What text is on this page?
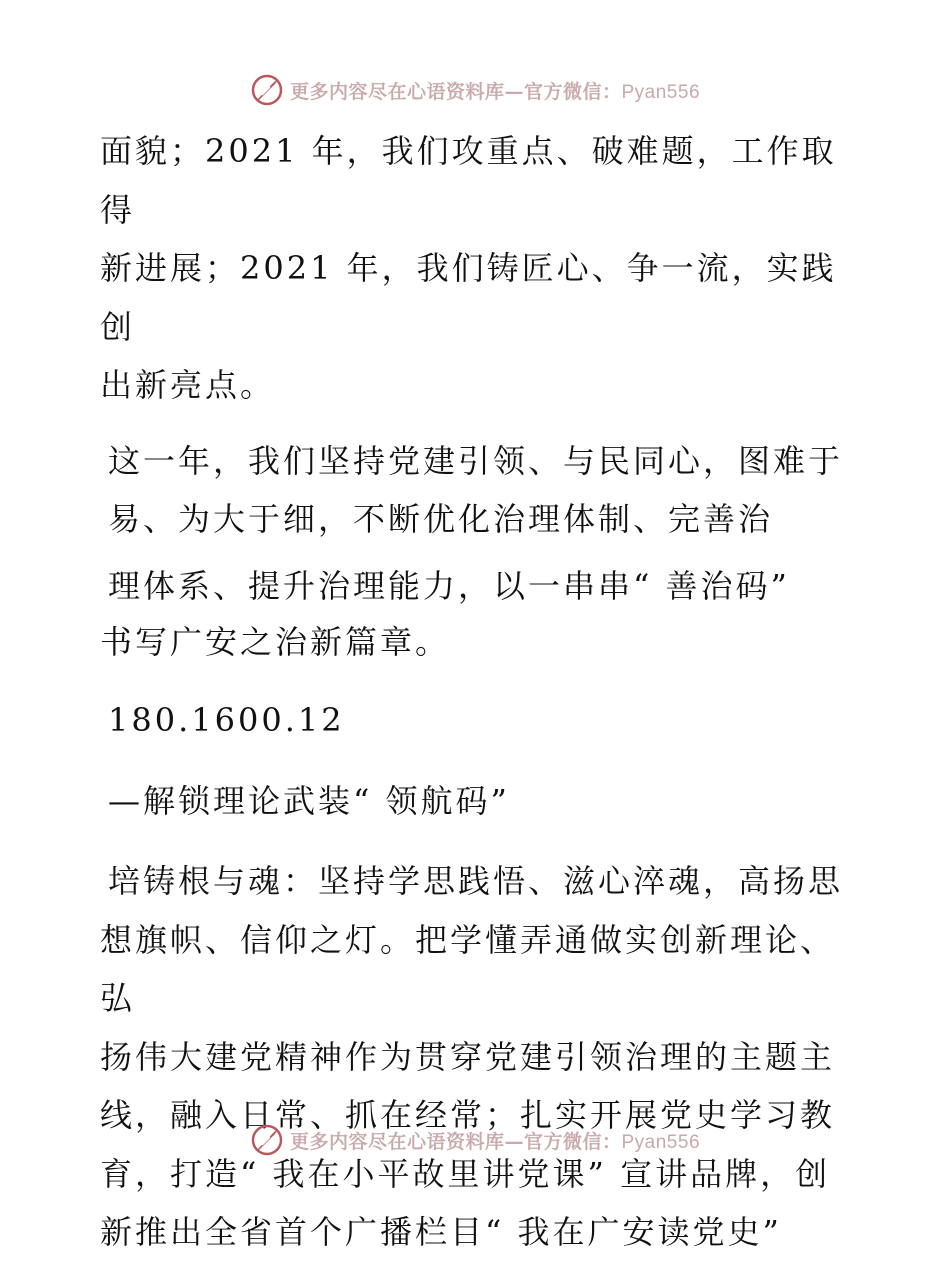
更多内容尽在心语资料库—官方微信：Pyan556

面貌；2021 年，我们攻重点、破难题，工作取得
新进展；2021 年，我们铸匠心、争一流，实践创
出新亮点。

这一年，我们坚持党建引领、与民同心，图难于
易、为大于细，不断优化治理体制、完善治

理体系、提升治理能力，以一串串“ 善治码”

书写广安之治新篇章。

180.1600.12

—解锁理论武装“ 领航码”

培铸根与魂：坚持学思践悟、滋心淬魂，高扬思

想旗帜、信仰之灯。把学懂弄通做实创新理论、弘
扬伟大建党精神作为贯穿党建引领治理的主题主
线，融入日常、抓在经常；扎实开展党史学习教
育，打造“ 我在小平故里讲党课” 宣讲品牌，创
新推出全省首个广播栏目“ 我在广安读党史”

更多内容尽在心语资料库—官方微信：Pyan556
